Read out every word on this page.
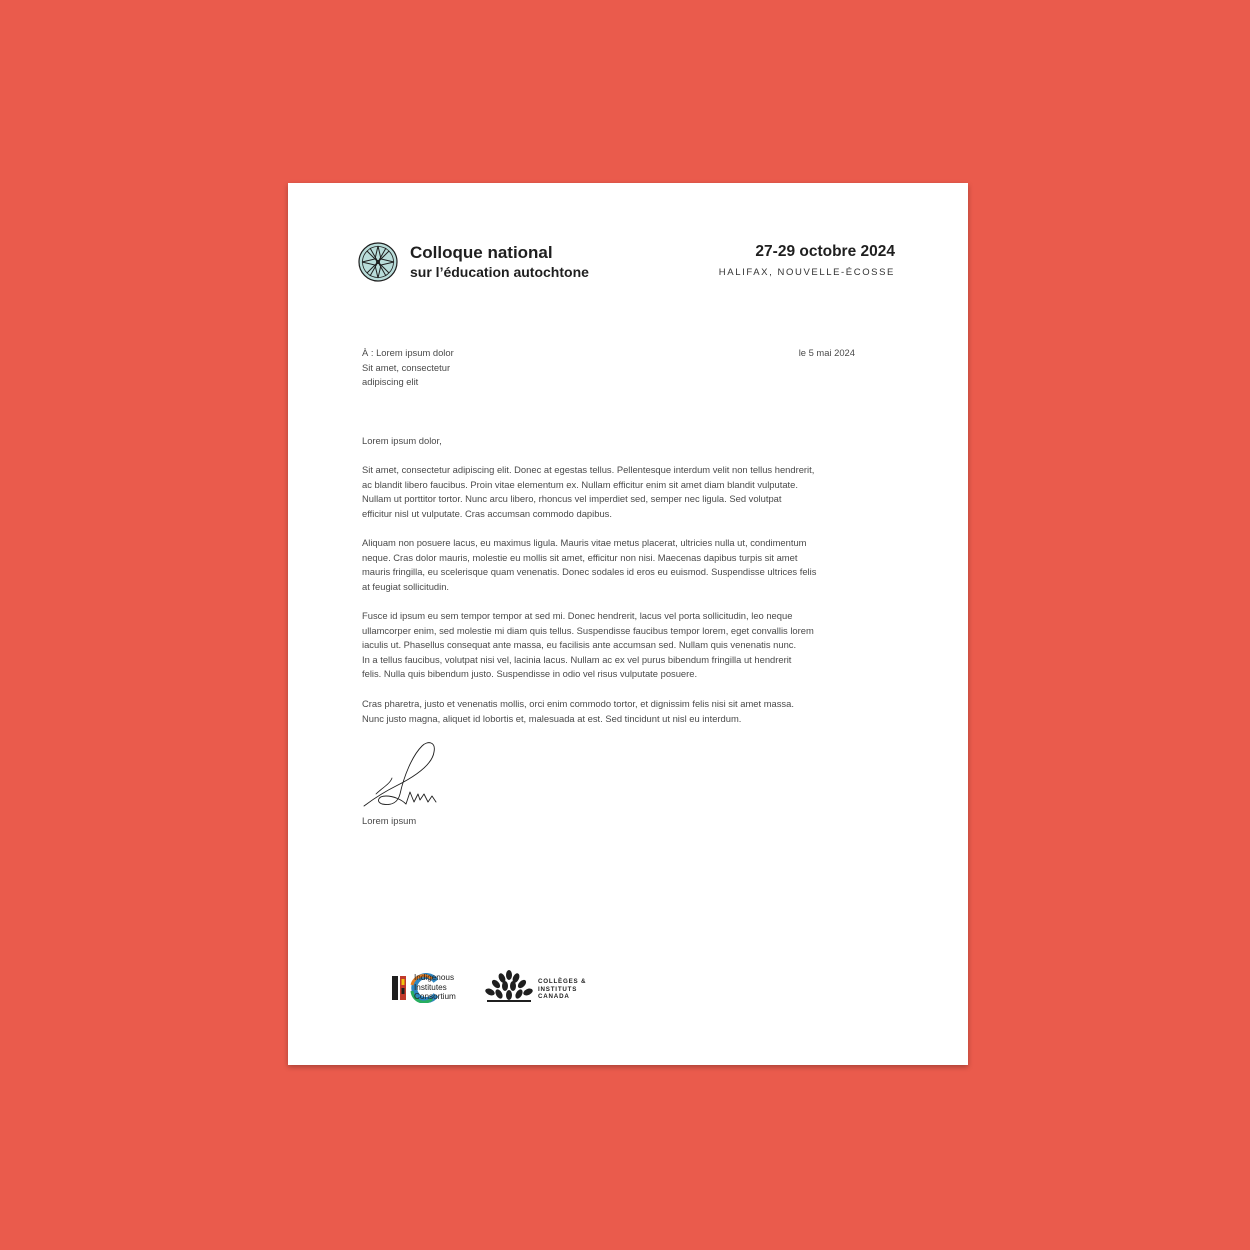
Colloque national
sur l’éducation autochtone
27-29 octobre 2024
HALIFAX, NOUVELLE-ÉCOSSE
À : Lorem ipsum dolor
Sit amet, consectetur
adipiscing elit
le 5 mai 2024
Lorem ipsum dolor,

Sit amet, consectetur adipiscing elit. Donec at egestas tellus. Pellentesque interdum velit non tellus hendrerit,
ac blandit libero faucibus. Proin vitae elementum ex. Nullam efficitur enim sit amet diam blandit vulputate.
Nullam ut porttitor tortor. Nunc arcu libero, rhoncus vel imperdiet sed, semper nec ligula. Sed volutpat
efficitur nisl ut vulputate. Cras accumsan commodo dapibus.

Aliquam non posuere lacus, eu maximus ligula. Mauris vitae metus placerat, ultricies nulla ut, condimentum
neque. Cras dolor mauris, molestie eu mollis sit amet, efficitur non nisi. Maecenas dapibus turpis sit amet
mauris fringilla, eu scelerisque quam venenatis. Donec sodales id eros eu euismod. Suspendisse ultrices felis
at feugiat sollicitudin.

Fusce id ipsum eu sem tempor tempor at sed mi. Donec hendrerit, lacus vel porta sollicitudin, leo neque
ullamcorper enim, sed molestie mi diam quis tellus. Suspendisse faucibus tempor lorem, eget convallis lorem
iaculis ut. Phasellus consequat ante massa, eu facilisis ante accumsan sed. Nullam quis venenatis nunc.
In a tellus faucibus, volutpat nisi vel, lacinia lacus. Nullam ac ex vel purus bibendum fringilla ut hendrerit
felis. Nulla quis bibendum justo. Suspendisse in odio vel risus vulputate posuere.

Cras pharetra, justo et venenatis mollis, orci enim commodo tortor, et dignissim felis nisi sit amet massa.
Nunc justo magna, aliquet id lobortis et, malesuada at est. Sed tincidunt ut nisl eu interdum.

Lorem ipsum
Indigenous
Institutes
Consortium
COLLÈGES &
INSTITUTS
CANADA
